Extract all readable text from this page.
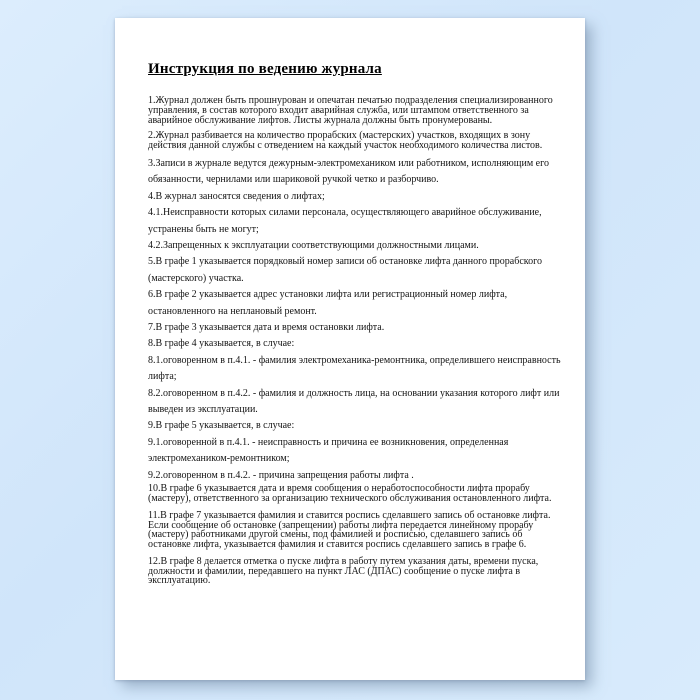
Инструкция по ведению журнала
1.Журнал должен быть прошнурован и опечатан печатью подразделения специализированного
управления, в состав которого входит аварийная служба, или штампом ответственного за
аварийное обслуживание лифтов. Листы журнала должны быть пронумерованы.
2.Журнал разбивается на количество прорабских (мастерских) участков, входящих в зону
действия данной службы с отведением на каждый участок необходимого количества листов.
3.Записи в журнале ведутся дежурным-электромехаником или работником, исполняющим его
обязанности, чернилами или шариковой ручкой четко и разборчиво.
4.В журнал заносятся сведения о лифтах;
4.1.Неисправности которых силами персонала, осуществляющего аварийное обслуживание,
устранены быть не могут;
4.2.Запрещенных к эксплуатации соответствующими должностными лицами.
5.В графе 1 указывается порядковый номер записи об остановке лифта данного прорабского
(мастерского) участка.
6.В графе 2 указывается адрес установки лифта или регистрационный номер лифта,
остановленного на неплановый ремонт.
7.В графе 3 указывается дата и время остановки лифта.
8.В графе 4 указывается, в случае:
8.1.оговоренном в п.4.1. - фамилия электромеханика-ремонтника, определившего неисправность
лифта;
8.2.оговоренном в п.4.2. - фамилия и должность лица, на основании указания которого лифт или
выведен из эксплуатации.
9.В графе 5 указывается, в случае:
9.1.оговоренной в п.4.1. - неисправность и причина ее возникновения, определенная
электромехаником-ремонтником;
9.2.оговоренном в п.4.2. - причина запрещения работы лифта .
10.В графе 6 указывается дата и время сообщения о неработоспособности лифта прорабу
(мастеру), ответственного за организацию технического обслуживания остановленного лифта.
11.В графе 7 указывается фамилия и ставится роспись сделавшего запись об остановке лифта.
Если сообщение об остановке (запрещении) работы лифта передается линейному прорабу
(мастеру) работниками другой смены, под фамилией и росписью, сделавшего запись об
остановке лифта, указывается фамилия и ставится роспись сделавшего запись в графе 6.
12.В графе 8 делается отметка о пуске лифта в работу путем указания даты, времени пуска,
должности и фамилии, передавшего на пункт ЛАС (ДПАС) сообщение о пуске лифта в
эксплуатацию.
